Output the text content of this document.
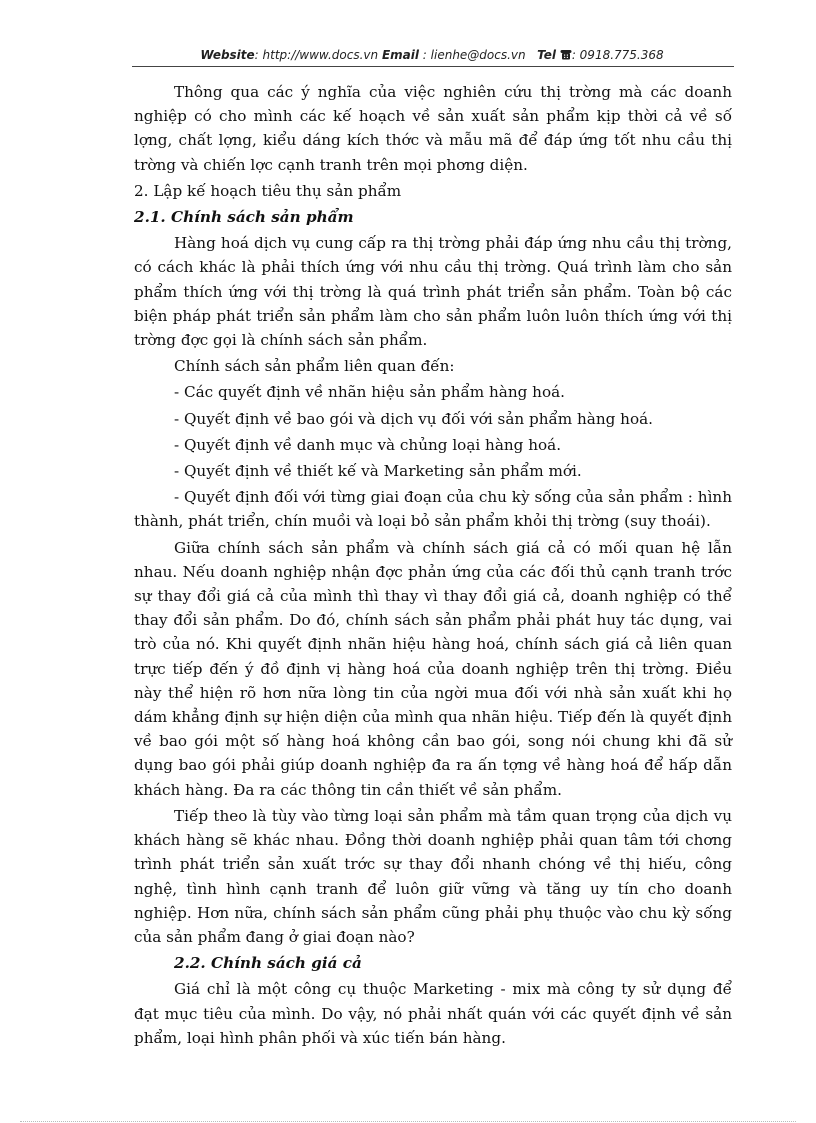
Website: http://www.docs.vn Email : lienhe@docs.vn Tel : 0918.775.368

Thông qua các ý nghĩa của việc nghiên cứu thị trờng mà các doanh nghiệp có cho mình các kế hoạch về sản xuất sản phẩm kịp thời cả về số lợng, chất lợng, kiểu dáng kích thớc và mẫu mã để đáp ứng tốt nhu cầu thị trờng và chiến lợc cạnh tranh trên mọi phơng diện.

2. Lập kế hoạch tiêu thụ sản phẩm

2.1. Chính sách sản phẩm

Hàng hoá dịch vụ cung cấp ra thị trờng phải đáp ứng nhu cầu thị trờng, có cách khác là phải thích ứng với nhu cầu thị trờng. Quá trình làm cho sản phẩm thích ứng với thị trờng là quá trình phát triển sản phẩm. Toàn bộ các biện pháp phát triển sản phẩm làm cho sản phẩm luôn luôn thích ứng với thị trờng đợc gọi là chính sách sản phẩm.

Chính sách sản phẩm liên quan đến:

- Các quyết định về nhãn hiệu sản phẩm hàng hoá.

- Quyết định về bao gói và dịch vụ đối với sản phẩm hàng hoá.

- Quyết định về danh mục và chủng loại hàng hoá.

- Quyết định về thiết kế và Marketing sản phẩm mới.

- Quyết định đối với từng giai đoạn của chu kỳ sống của sản phẩm : hình thành, phát triển, chín muồi và loại bỏ sản phẩm khỏi thị trờng (suy thoái).

Giữa chính sách sản phẩm và chính sách giá cả có mối quan hệ lẫn nhau. Nếu doanh nghiệp nhận đợc phản ứng của các đối thủ cạnh tranh trớc sự thay đổi giá cả của mình thì thay vì thay đổi giá cả, doanh nghiệp có thể thay đổi sản phẩm. Do đó, chính sách sản phẩm phải phát huy tác dụng, vai trò của nó. Khi quyết định nhãn hiệu hàng hoá, chính sách giá cả liên quan trực tiếp đến ý đồ định vị hàng hoá của doanh nghiệp trên thị trờng. Điều này thể hiện rõ hơn nữa lòng tin của ngời mua đối với nhà sản xuất khi họ dám khẳng định sự hiện diện của mình qua nhãn hiệu. Tiếp đến là quyết định về bao gói một số hàng hoá không cần bao gói, song nói chung khi đã sử dụng bao gói phải giúp doanh nghiệp đa ra ấn tợng về hàng hoá để hấp dẫn khách hàng. Đa ra các thông tin cần thiết về sản phẩm.

Tiếp theo là tùy vào từng loại sản phẩm mà tầm quan trọng của dịch vụ khách hàng sẽ khác nhau. Đồng thời doanh nghiệp phải quan tâm tới chơng trình phát triển sản xuất trớc sự thay đổi nhanh chóng về thị hiếu, công nghệ, tình hình cạnh tranh để luôn giữ vững và tăng uy tín cho doanh nghiệp. Hơn nữa, chính sách sản phẩm cũng phải phụ thuộc vào chu kỳ sống của sản phẩm đang ở giai đoạn nào?

2.2. Chính sách giá cả

Giá chỉ là một công cụ thuộc Marketing - mix mà công ty sử dụng để đạt mục tiêu của mình. Do vậy, nó phải nhất quán với các quyết định về sản phẩm, loại hình phân phối và xúc tiến bán hàng.
